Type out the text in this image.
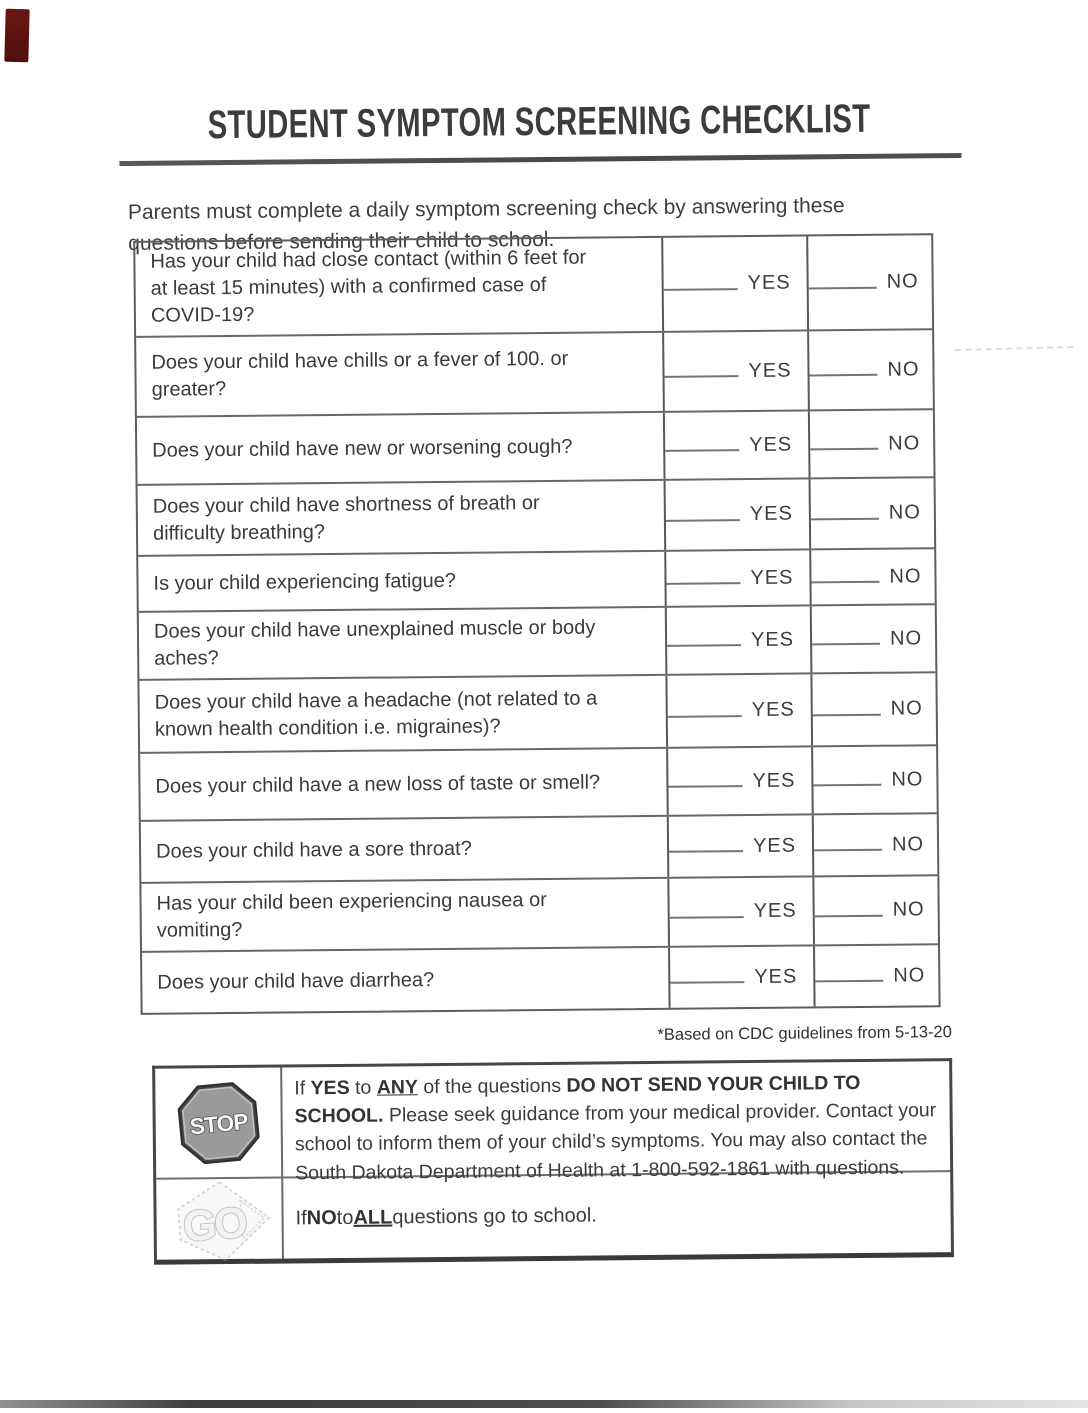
STUDENT SYMPTOM SCREENING CHECKLIST

Parents must complete a daily symptom screening check by answering these
questions before sending their child to school.

Has your child had close contact (within 6 feet for
at least 15 minutes) with a confirmed case of
COVID-19?
YES	NO
Does your child have chills or a fever of 100. or
greater?
YES	NO
Does your child have new or worsening cough?	YES	NO
Does your child have shortness of breath or
difficulty breathing?
YES	NO
Is your child experiencing fatigue?	YES	NO
Does your child have unexplained muscle or body
aches?
YES	NO
Does your child have a headache (not related to a
known health condition i.e. migraines)?
YES	NO
Does your child have a new loss of taste or smell?	YES	NO
Does your child have a sore throat?	YES	NO
Has your child been experiencing nausea or
vomiting?
YES	NO
Does your child have diarrhea?	YES	NO
*Based on CDC guidelines from 5-13-20
STOP
If YES to ANY of the questions DO NOT SEND YOUR CHILD TO
SCHOOL. Please seek guidance from your medical provider. Contact your
school to inform them of your child’s symptoms. You may also contact the
South Dakota Department of Health at 1-800-592-1861 with questions.
GO If NO to ALL questions go to school.
